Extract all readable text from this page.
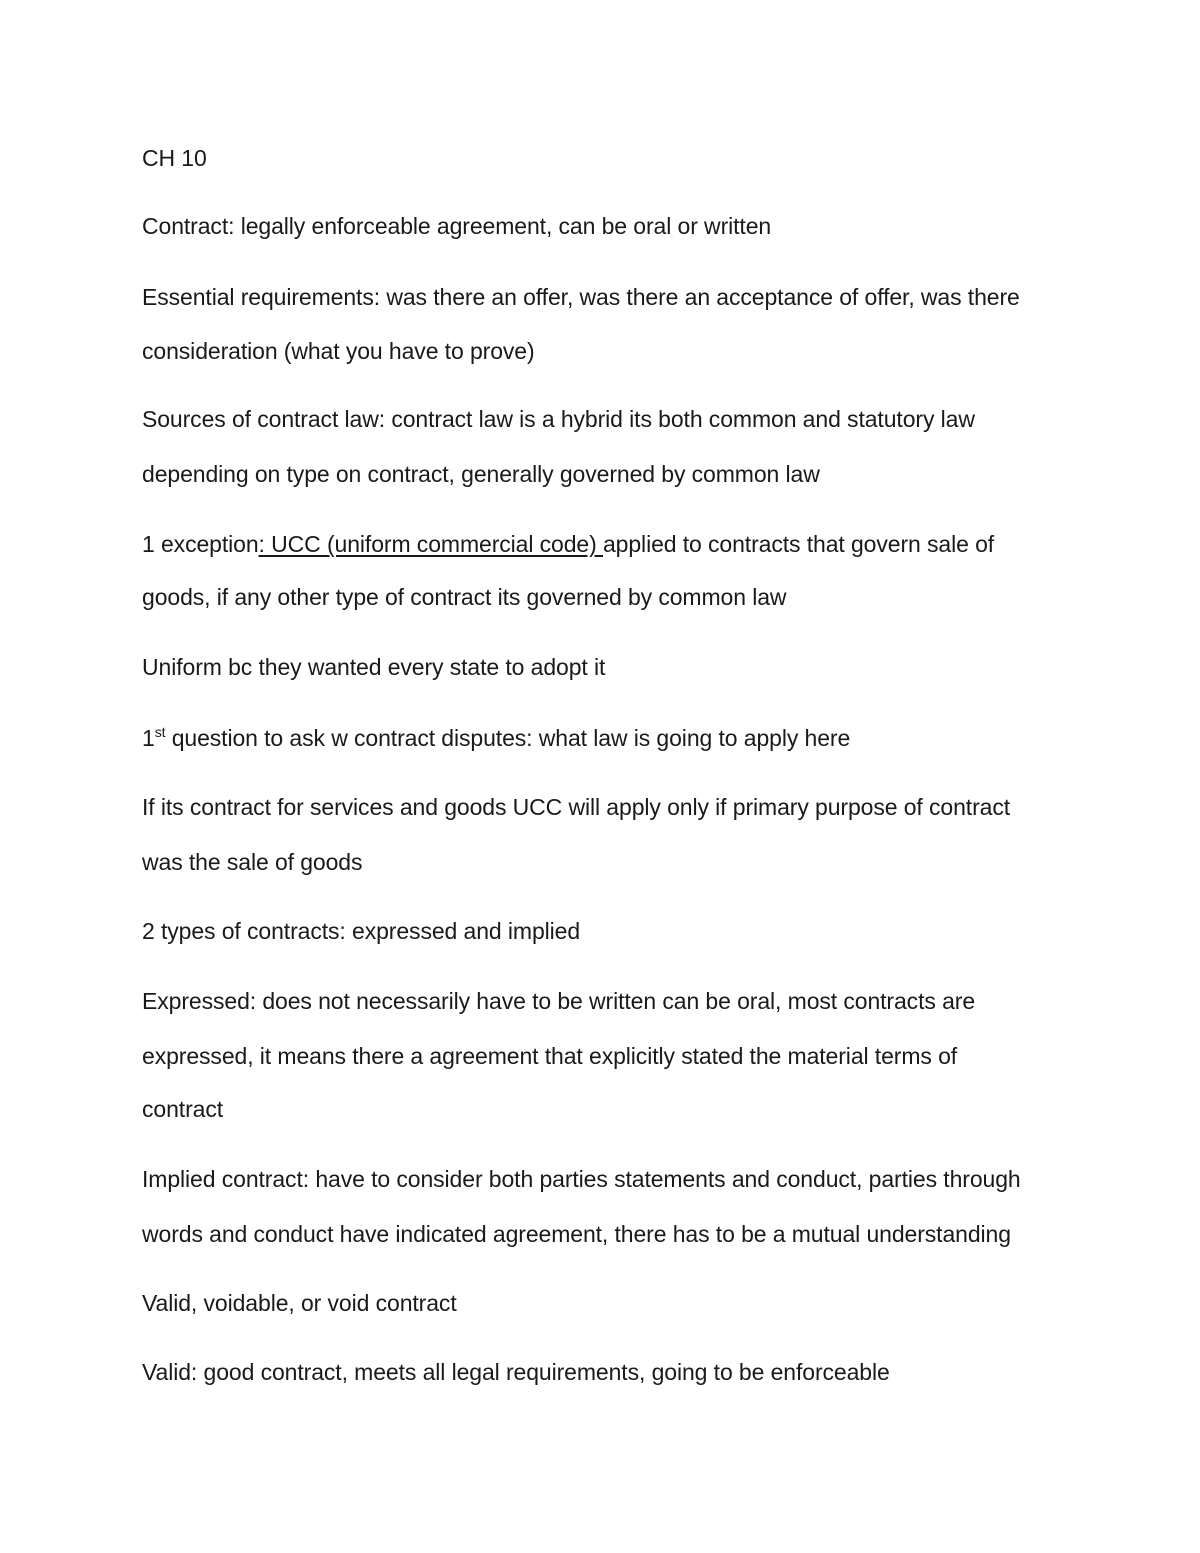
CH 10
Contract: legally enforceable agreement, can be oral or written
Essential requirements: was there an offer, was there an acceptance of offer, was there
consideration (what you have to prove)
Sources of contract law: contract law is a hybrid its both common and statutory law
depending on type on contract, generally governed by common law
1 exception: UCC (uniform commercial code) applied to contracts that govern sale of
goods, if any other type of contract its governed by common law
Uniform bc they wanted every state to adopt it
1st question to ask w contract disputes: what law is going to apply here
If its contract for services and goods UCC will apply only if primary purpose of contract
was the sale of goods
2 types of contracts: expressed and implied
Expressed: does not necessarily have to be written can be oral, most contracts are
expressed, it means there a agreement that explicitly stated the material terms of
contract
Implied contract: have to consider both parties statements and conduct, parties through
words and conduct have indicated agreement, there has to be a mutual understanding
Valid, voidable, or void contract
Valid: good contract, meets all legal requirements, going to be enforceable
